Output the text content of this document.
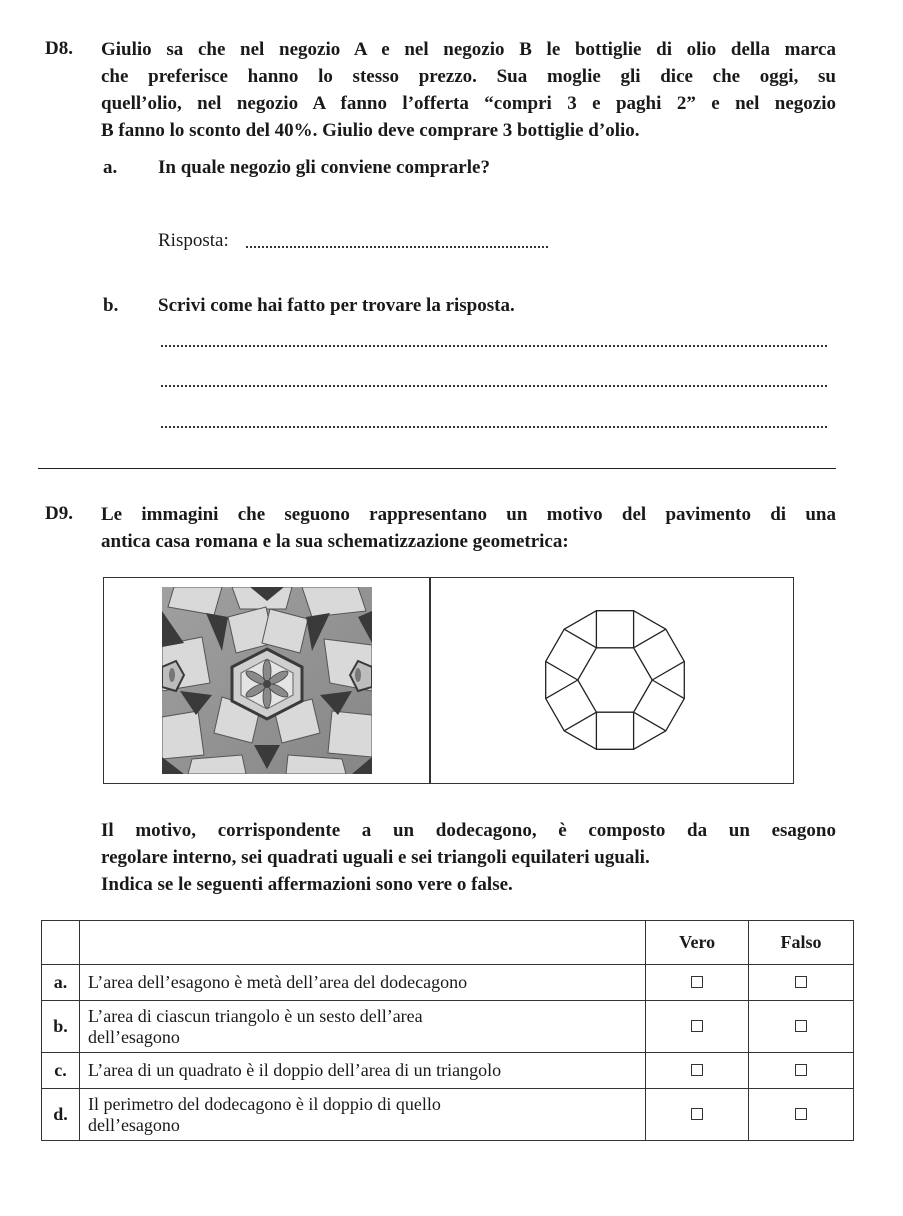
D8. Giulio sa che nel negozio A e nel negozio B le bottiglie di olio della marca
che preferisce hanno lo stesso prezzo. Sua moglie gli dice che oggi, su
quell’olio, nel negozio A fanno l’offerta “compri 3 e paghi 2” e nel negozio
B fanno lo sconto del 40%. Giulio deve comprare 3 bottiglie d’olio.
a. In quale negozio gli conviene comprarle?
Risposta:
b. Scrivi come hai fatto per trovare la risposta.
D9. Le immagini che seguono rappresentano un motivo del pavimento di una
antica casa romana e la sua schematizzazione geometrica:
Il motivo, corrispondente a un dodecagono, è composto da un esagono
regolare interno, sei quadrati uguali e sei triangoli equilateri uguali.
Indica se le seguenti affermazioni sono vere o false.
		Vero	Falso
a.	L’area dell’esagono è metà dell’area del dodecagono		

b.	L’area di ciascun triangolo è un sesto dell’area
dell’esagono		

c.	L’area di un quadrato è il doppio dell’area di un triangolo		

d.	Il perimetro del dodecagono è il doppio di quello
dell’esagono		
